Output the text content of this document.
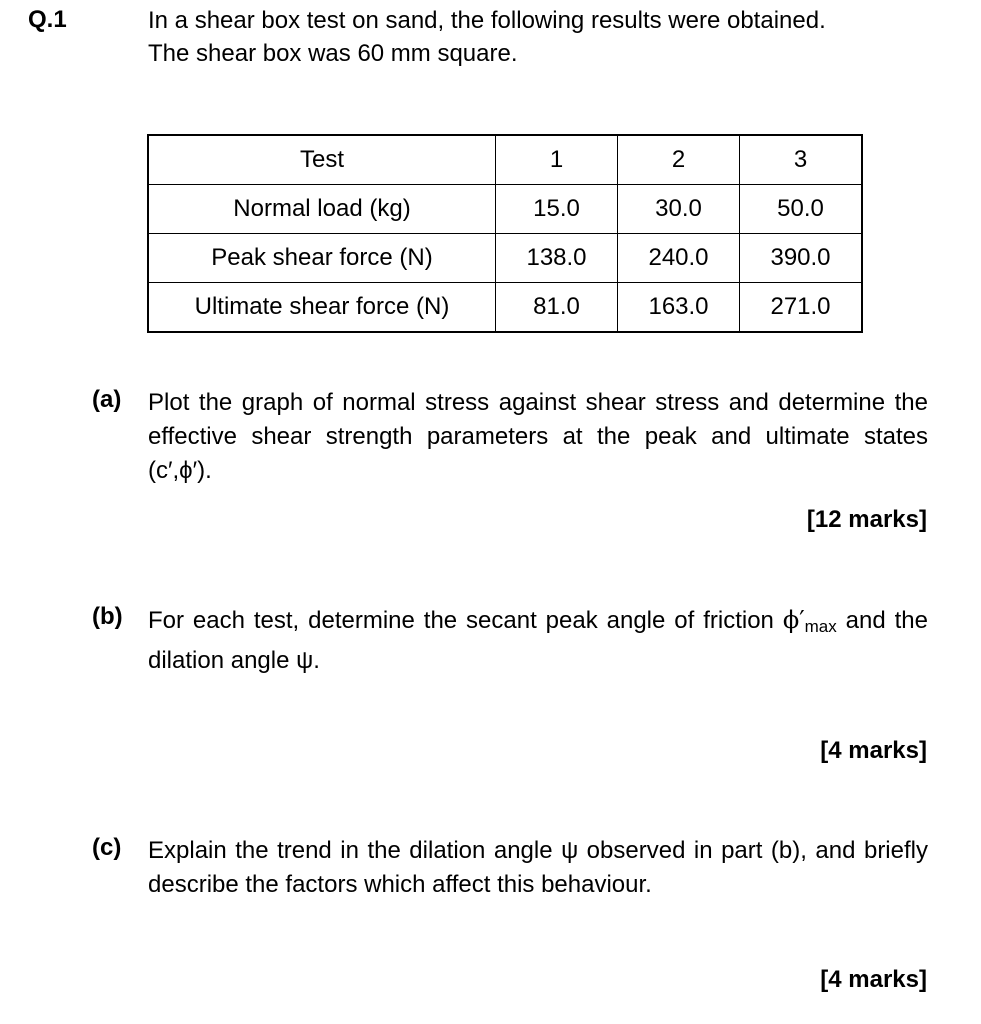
Q.1	In a shear box test on sand, the following results were obtained.
The shear box was 60 mm square.
Test	1	2	3
Normal load (kg)	15.0	30.0	50.0
Peak shear force (N)	138.0	240.0	390.0
Ultimate shear force (N)	81.0	163.0	271.0
(a) Plot the graph of normal stress against shear stress and determine the effective shear strength parameters at the peak and ultimate states (c′,ϕ′).
[12 marks]
(b) For each test, determine the secant peak angle of friction $\phi'_{max}$ and the dilation angle ψ.
[4 marks]
(c) Explain the trend in the dilation angle ψ observed in part (b), and briefly describe the factors which affect this behaviour.
[4 marks]
